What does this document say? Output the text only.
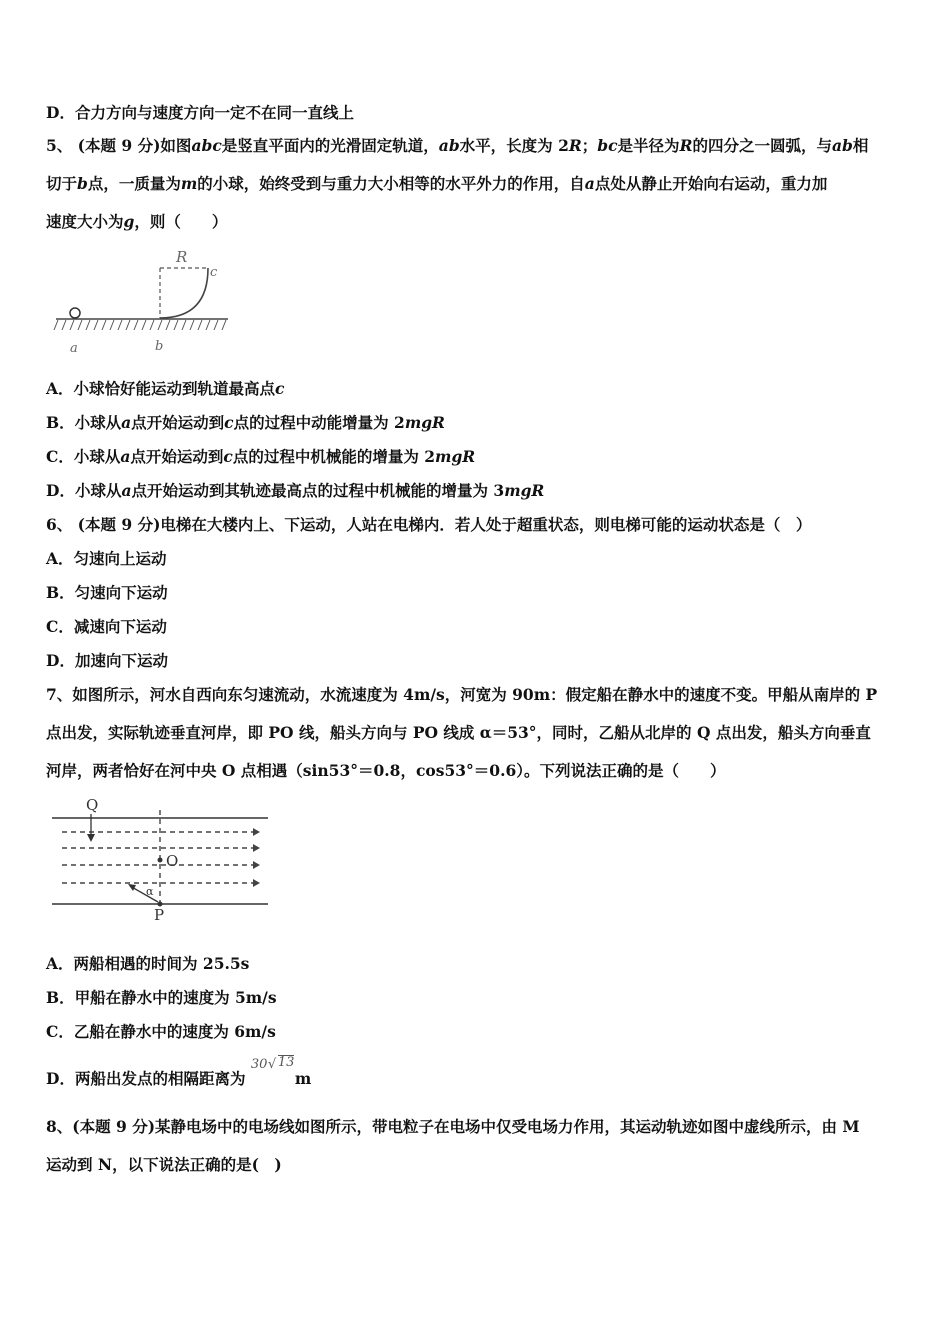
D．合力方向与速度方向一定不在同一直线上
5、 (本题 9 分)如图abc是竖直平面内的光滑固定轨道，ab水平，长度为 2R；bc是半径为R的四分之一圆弧，与ab相
切于b点，一质量为m的小球，始终受到与重力大小相等的水平外力的作用，自a点处从静止开始向右运动，重力加
速度大小为g，则（　　）
R
c
a	b
A．小球恰好能运动到轨道最高点c
B．小球从a点开始运动到c点的过程中动能增量为 2mgR
C．小球从a点开始运动到c点的过程中机械能的增量为 2mgR
D．小球从a点开始运动到其轨迹最高点的过程中机械能的增量为 3mgR
6、 (本题 9 分)电梯在大楼内上、下运动，人站在电梯内．若人处于超重状态，则电梯可能的运动状态是（　）
A．匀速向上运动
B．匀速向下运动
C．减速向下运动
D．加速向下运动
7、如图所示，河水自西向东匀速流动，水流速度为 4m/s，河宽为 90m：假定船在静水中的速度不变。甲船从南岸的 P
点出发，实际轨迹垂直河岸，即 PO 线，船头方向与 PO 线成 α＝53°，同时，乙船从北岸的 Q 点出发，船头方向垂直
河岸，两者恰好在河中央 O 点相遇（sin53°＝0.8，cos53°＝0.6）。下列说法正确的是（　　）
Q
O
P
α
A．两船相遇的时间为 25.5s
B．甲船在静水中的速度为 5m/s
C．乙船在静水中的速度为 6m/s
D．两船出发点的相隔距离为
30 √ 13
m
8、(本题 9 分)某静电场中的电场线如图所示，带电粒子在电场中仅受电场力作用，其运动轨迹如图中虚线所示，由 M
运动到 N，以下说法正确的是(　)
